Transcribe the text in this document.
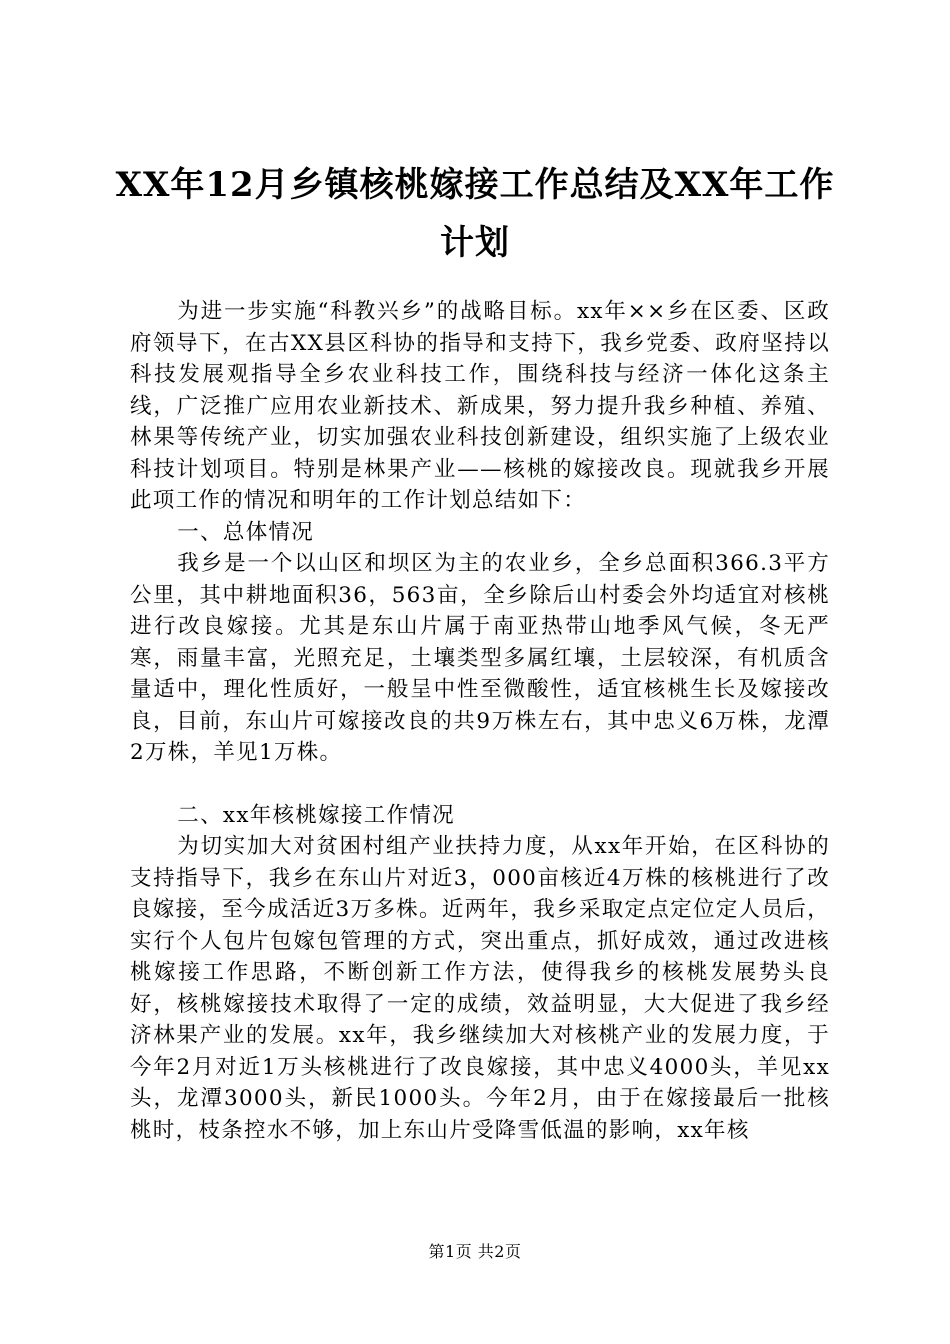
XX年12月乡镇核桃嫁接工作总结及XX年工作
计划

为进一步实施“科教兴乡”的战略目标。xx年××乡在区委、区政府领导下，在古XX县区科协的指导和支持下，我乡党委、政府坚持以科技发展观指导全乡农业科技工作，围绕科技与经济一体化这条主线，广泛推广应用农业新技术、新成果，努力提升我乡种植、养殖、林果等传统产业，切实加强农业科技创新建设，组织实施了上级农业科技计划项目。特别是林果产业——核桃的嫁接改良。现就我乡开展此项工作的情况和明年的工作计划总结如下：

一、总体情况

我乡是一个以山区和坝区为主的农业乡，全乡总面积366.3平方公里，其中耕地面积36，563亩，全乡除后山村委会外均适宜对核桃进行改良嫁接。尤其是东山片属于南亚热带山地季风气候，冬无严寒，雨量丰富，光照充足，土壤类型多属红壤，土层较深，有机质含量适中，理化性质好，一般呈中性至微酸性，适宜核桃生长及嫁接改良，目前，东山片可嫁接改良的共9万株左右，其中忠义6万株，龙潭2万株，羊见1万株。

二、xx年核桃嫁接工作情况

为切实加大对贫困村组产业扶持力度，从xx年开始，在区科协的支持指导下，我乡在东山片对近3，000亩核近4万株的核桃进行了改良嫁接，至今成活近3万多株。近两年，我乡采取定点定位定人员后，实行个人包片包嫁包管理的方式，突出重点，抓好成效，通过改进核桃嫁接工作思路，不断创新工作方法，使得我乡的核桃发展势头良好，核桃嫁接技术取得了一定的成绩，效益明显，大大促进了我乡经济林果产业的发展。xx年，我乡继续加大对核桃产业的发展力度，于今年2月对近1万头核桃进行了改良嫁接，其中忠义4000头，羊见xx头，龙潭3000头，新民1000头。今年2月，由于在嫁接最后一批核桃时，枝条控水不够，加上东山片受降雪低温的影响，xx年核

第1页 共2页
